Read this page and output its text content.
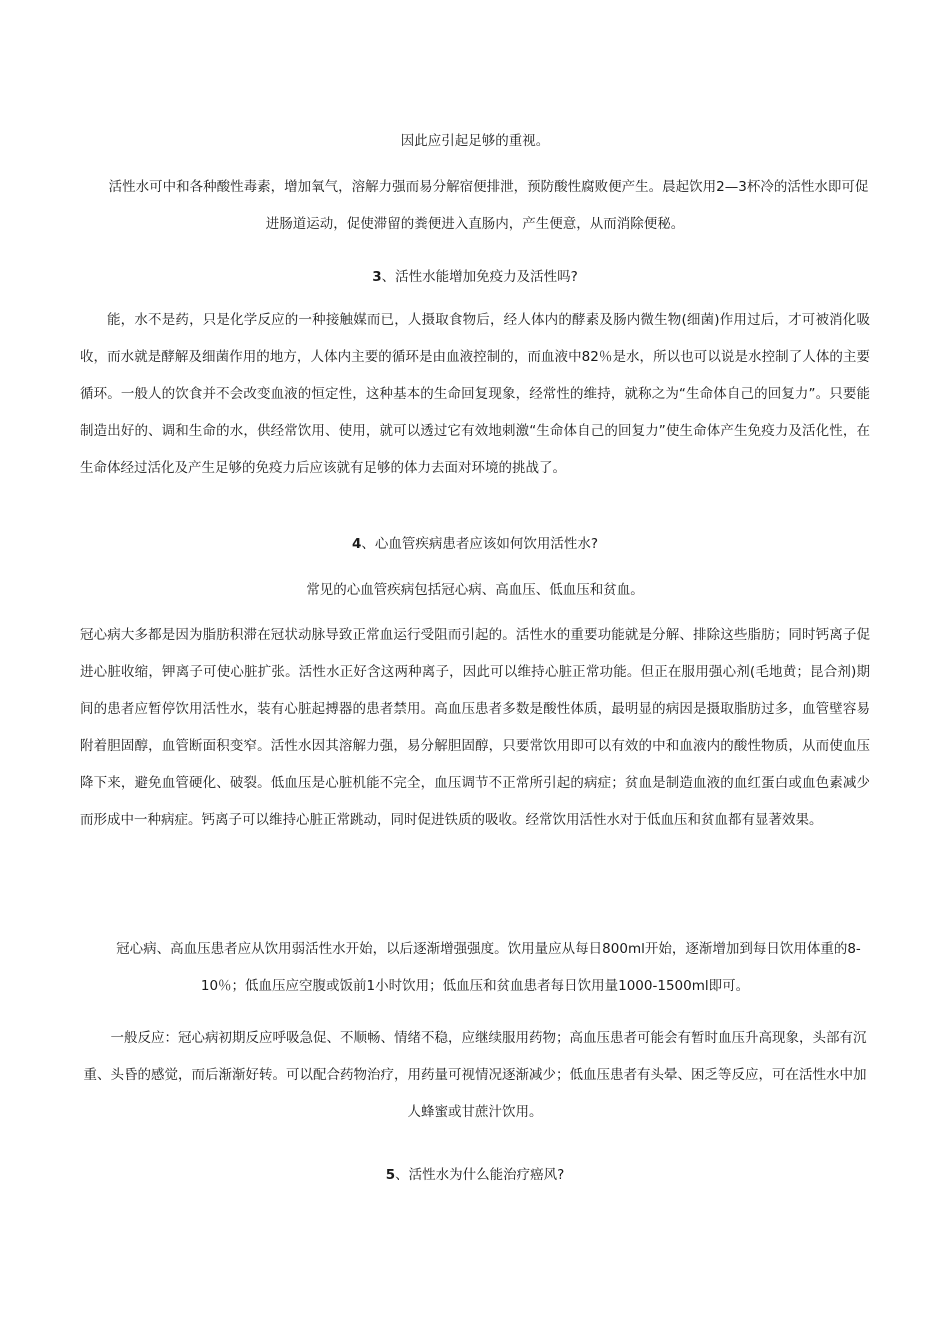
因此应引起足够的重视。

活性水可中和各种酸性毒素，增加氧气，溶解力强而易分解宿便排泄，预防酸性腐败便产生。晨起饮用2—3杯冷的活性水即可促进肠道运动，促使滞留的粪便进入直肠内，产生便意，从而消除便秘。

3、活性水能增加免疫力及活性吗?

能，水不是药，只是化学反应的一种接触媒而已，人摄取食物后，经人体内的酵素及肠内微生物(细菌)作用过后，才可被消化吸收，而水就是酵解及细菌作用的地方，人体内主要的循环是由血液控制的，而血液中82％是水，所以也可以说是水控制了人体的主要循环。一般人的饮食并不会改变血液的恒定性，这种基本的生命回复现象，经常性的维持，就称之为“生命体自己的回复力”。只要能制造出好的、调和生命的水，供经常饮用、使用，就可以透过它有效地刺激“生命体自己的回复力”使生命体产生免疫力及活化性，在生命体经过活化及产生足够的免疫力后应该就有足够的体力去面对环境的挑战了。

4、心血管疾病患者应该如何饮用活性水?

常见的心血管疾病包括冠心病、高血压、低血压和贫血。

冠心病大多都是因为脂肪积滞在冠状动脉导致正常血运行受阻而引起的。活性水的重要功能就是分解、排除这些脂肪；同时钙离子促进心脏收缩，钾离子可使心脏扩张。活性水正好含这两种离子，因此可以维持心脏正常功能。但正在服用强心剂(毛地黄；昆合剂)期间的患者应暂停饮用活性水，装有心脏起搏器的患者禁用。高血压患者多数是酸性体质，最明显的病因是摄取脂肪过多，血管壁容易附着胆固醇，血管断面积变窄。活性水因其溶解力强，易分解胆固醇，只要常饮用即可以有效的中和血液内的酸性物质，从而使血压降下来，避免血管硬化、破裂。低血压是心脏机能不完全，血压调节不正常所引起的病症；贫血是制造血液的血红蛋白或血色素减少而形成中一种病症。钙离子可以维持心脏正常跳动，同时促进铁质的吸收。经常饮用活性水对于低血压和贫血都有显著效果。

冠心病、高血压患者应从饮用弱活性水开始，以后逐渐增强强度。饮用量应从每日800ml开始，逐渐增加到每日饮用体重的8-10％；低血压应空腹或饭前1小时饮用；低血压和贫血患者每日饮用量1000-1500ml即可。

一般反应：冠心病初期反应呼吸急促、不顺畅、情绪不稳，应继续服用药物；高血压患者可能会有暂时血压升高现象，头部有沉重、头昏的感觉，而后渐渐好转。可以配合药物治疗，用药量可视情况逐渐减少；低血压患者有头晕、困乏等反应，可在活性水中加人蜂蜜或甘蔗汁饮用。

5、活性水为什么能治疗癌风?
